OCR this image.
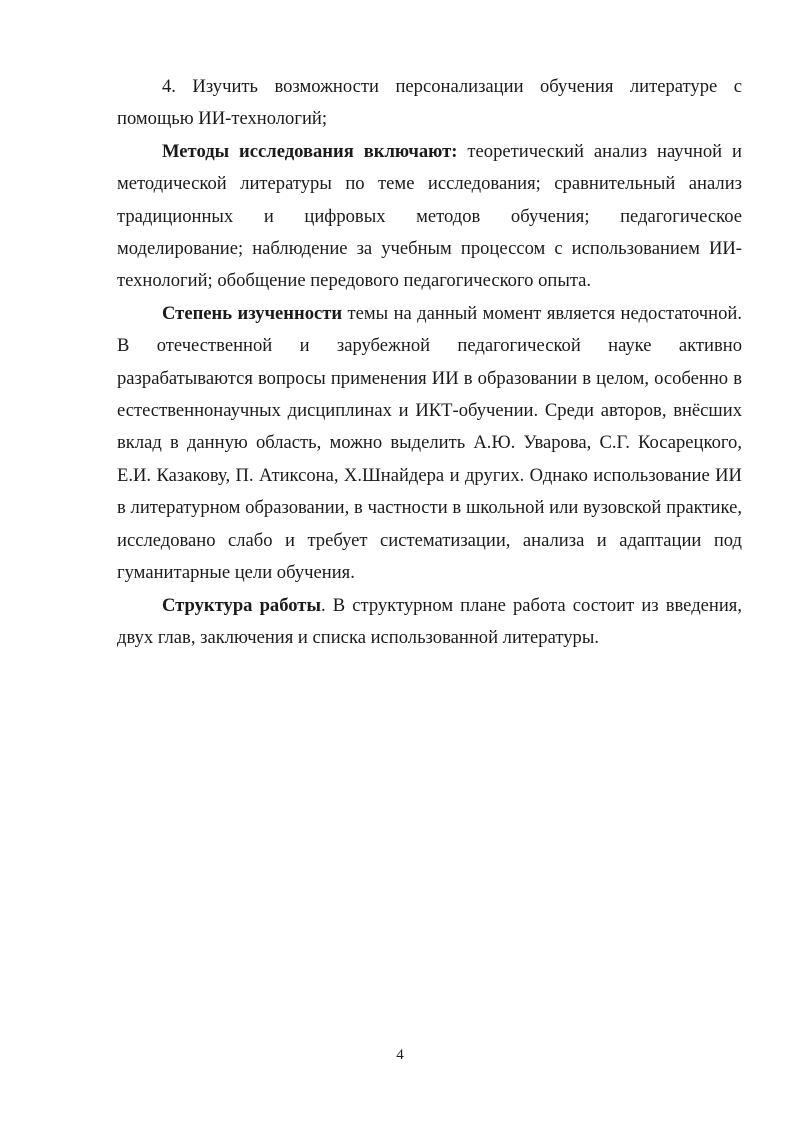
4. Изучить возможности персонализации обучения литературе с помощью ИИ-технологий;

Методы исследования включают: теоретический анализ научной и методической литературы по теме исследования; сравнительный анализ традиционных и цифровых методов обучения; педагогическое моделирование; наблюдение за учебным процессом с использованием ИИ-технологий; обобщение передового педагогического опыта.

Степень изученности темы на данный момент является недостаточной. В отечественной и зарубежной педагогической науке активно разрабатываются вопросы применения ИИ в образовании в целом, особенно в естественнонаучных дисциплинах и ИКТ-обучении. Среди авторов, внёсших вклад в данную область, можно выделить А.Ю. Уварова, С.Г. Косарецкого, Е.И. Казакову, П. Атиксона, Х.Шнайдера и других. Однако использование ИИ в литературном образовании, в частности в школьной или вузовской практике, исследовано слабо и требует систематизации, анализа и адаптации под гуманитарные цели обучения.

Структура работы. В структурном плане работа состоит из введения, двух глав, заключения и списка использованной литературы.

4
